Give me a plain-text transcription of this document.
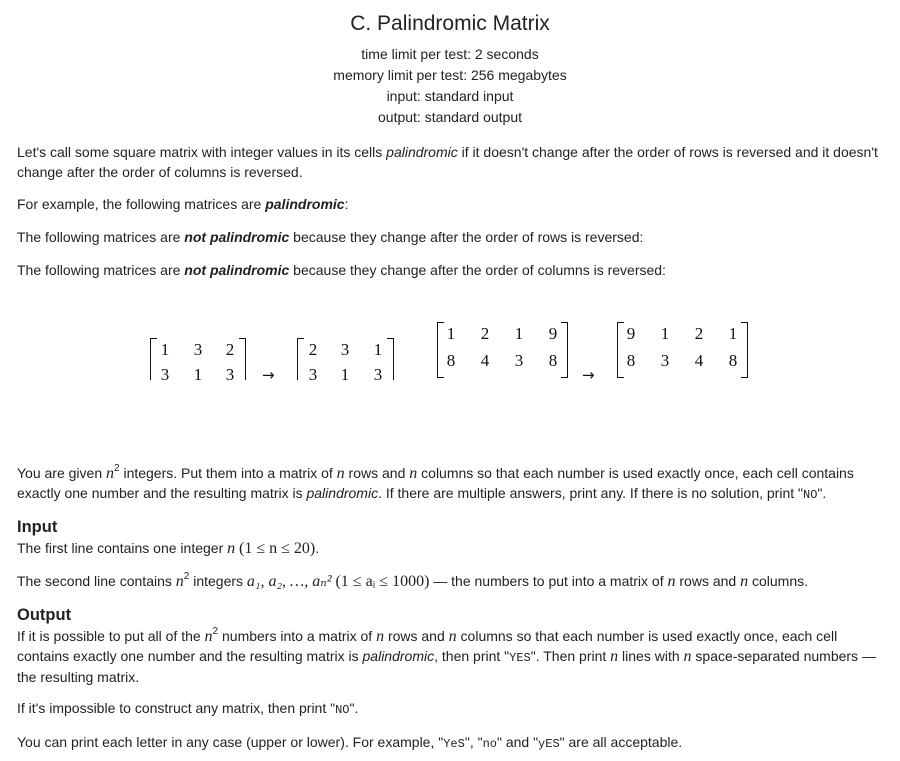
C. Palindromic Matrix
time limit per test: 2 seconds
memory limit per test: 256 megabytes
input: standard input
output: standard output
Let's call some square matrix with integer values in its cells palindromic if it doesn't change after the order of rows is reversed and it doesn't change after the order of columns is reversed.
For example, the following matrices are palindromic:
The following matrices are not palindromic because they change after the order of rows is reversed:
The following matrices are not palindromic because they change after the order of columns is reversed:
1 3 2
3 1 3	→
2 3 1
3 1 3
1 2 1 9
8 4 3 8
→
9 1 2 1
8 3 4 8
You are given $n^2$ integers. Put them into a matrix of n rows and n columns so that each number is used exactly once, each cell contains exactly one number and the resulting matrix is palindromic. If there are multiple answers, print any. If there is no solution, print "NO".
Input
The first line contains one integer n (1 ≤ n ≤ 20).
The second line contains $n^2$ integers a₁, a₂, …, aₙ² (1 ≤ aᵢ ≤ 1000) — the numbers to put into a matrix of n rows and n columns.
Output
If it is possible to put all of the $n^2$ numbers into a matrix of n rows and n columns so that each number is used exactly once, each cell contains exactly one number and the resulting matrix is palindromic, then print "YES". Then print n lines with n space-separated numbers — the resulting matrix.
If it's impossible to construct any matrix, then print "NO".
You can print each letter in any case (upper or lower). For example, "YeS", "no" and "yES" are all acceptable.
